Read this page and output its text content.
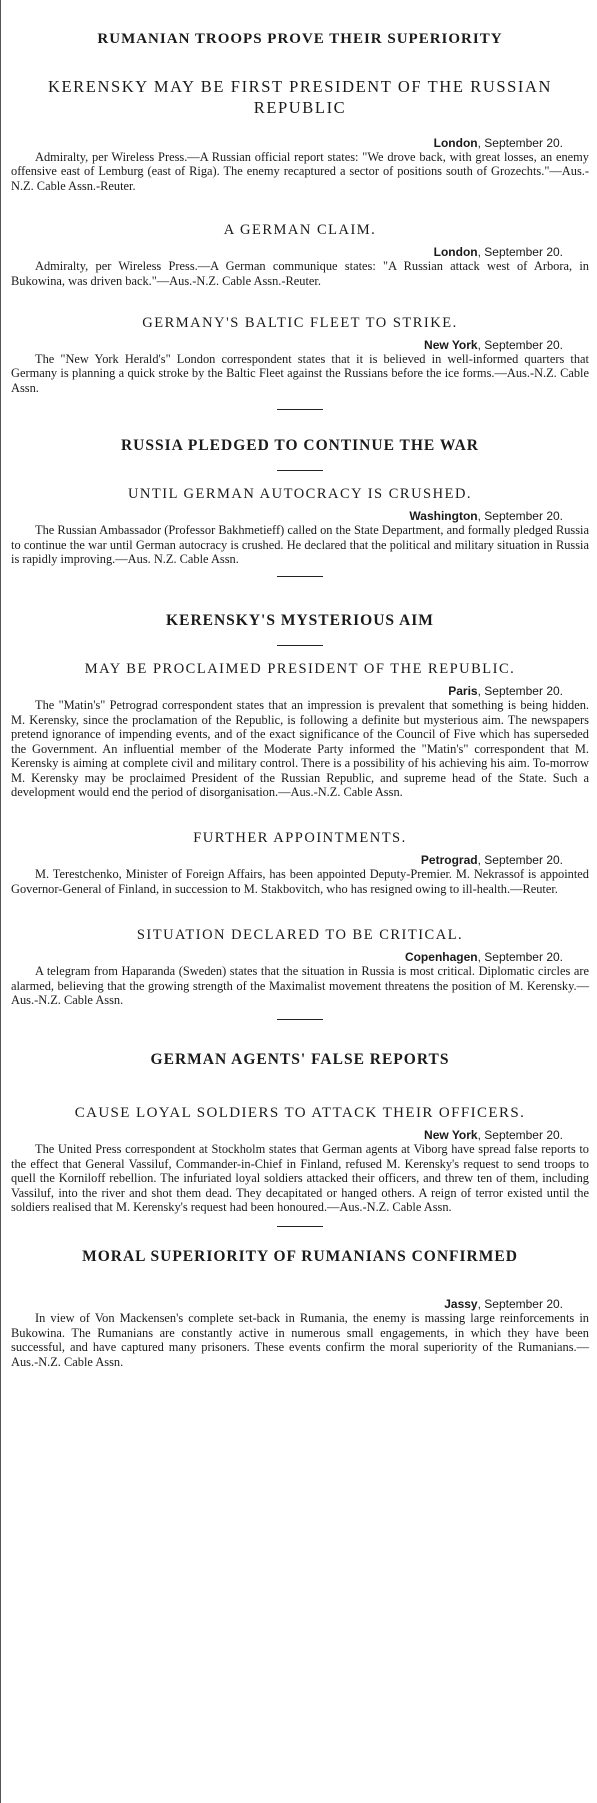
RUMANIAN TROOPS PROVE THEIR SUPERIORITY
KERENSKY MAY BE FIRST PRESIDENT OF THE RUSSIAN REPUBLIC

London, September 20.

Admiralty, per Wireless Press.—A Russian official report states: "We drove back, with great losses, an enemy offensive east of Lemburg (east of Riga). The enemy recaptured a sector of positions south of Grozechts."—Aus.-N.Z. Cable Assn.-Reuter.

A GERMAN CLAIM.

London, September 20.

Admiralty, per Wireless Press.—A German communique states: "A Russian attack west of Arbora, in Bukowina, was driven back."—Aus.-N.Z. Cable Assn.-Reuter.

GERMANY'S BALTIC FLEET TO STRIKE.

New York, September 20.

The "New York Herald's" London correspondent states that it is believed in well-informed quarters that Germany is planning a quick stroke by the Baltic Fleet against the Russians before the ice forms.—Aus.-N.Z. Cable Assn.

RUSSIA PLEDGED TO CONTINUE THE WAR
UNTIL GERMAN AUTOCRACY IS CRUSHED.

Washington, September 20.

The Russian Ambassador (Professor Bakhmetieff) called on the State Department, and formally pledged Russia to continue the war until German autocracy is crushed. He declared that the political and military situation in Russia is rapidly improving.—Aus. N.Z. Cable Assn.

KERENSKY'S MYSTERIOUS AIM
MAY BE PROCLAIMED PRESIDENT OF THE REPUBLIC.

Paris, September 20.

The "Matin's" Petrograd correspondent states that an impression is prevalent that something is being hidden. M. Kerensky, since the proclamation of the Republic, is following a definite but mysterious aim. The newspapers pretend ignorance of impending events, and of the exact significance of the Council of Five which has superseded the Government. An influential member of the Moderate Party informed the "Matin's" correspondent that M. Kerensky is aiming at complete civil and military control. There is a possibility of his achieving his aim. To-morrow M. Kerensky may be proclaimed President of the Russian Republic, and supreme head of the State. Such a development would end the period of disorganisation.—Aus.-N.Z. Cable Assn.

FURTHER APPOINTMENTS.

Petrograd, September 20.

M. Terestchenko, Minister of Foreign Affairs, has been appointed Deputy-Premier. M. Nekrassof is appointed Governor-General of Finland, in succession to M. Stakbovitch, who has resigned owing to ill-health.—Reuter.

SITUATION DECLARED TO BE CRITICAL.

Copenhagen, September 20.

A telegram from Haparanda (Sweden) states that the situation in Russia is most critical. Diplomatic circles are alarmed, believing that the growing strength of the Maximalist movement threatens the position of M. Kerensky.—Aus.-N.Z. Cable Assn.

GERMAN AGENTS' FALSE REPORTS
CAUSE LOYAL SOLDIERS TO ATTACK THEIR OFFICERS.

New York, September 20.

The United Press correspondent at Stockholm states that German agents at Viborg have spread false reports to the effect that General Vassiluf, Commander-in-Chief in Finland, refused M. Kerensky's request to send troops to quell the Korniloff rebellion. The infuriated loyal soldiers attacked their officers, and threw ten of them, including Vassiluf, into the river and shot them dead. They decapitated or hanged others. A reign of terror existed until the soldiers realised that M. Kerensky's request had been honoured.—Aus.-N.Z. Cable Assn.

MORAL SUPERIORITY OF RUMANIANS CONFIRMED

Jassy, September 20.

In view of Von Mackensen's complete set-back in Rumania, the enemy is massing large reinforcements in Bukowina. The Rumanians are constantly active in numerous small engagements, in which they have been successful, and have captured many prisoners. These events confirm the moral superiority of the Rumanians.—Aus.-N.Z. Cable Assn.
